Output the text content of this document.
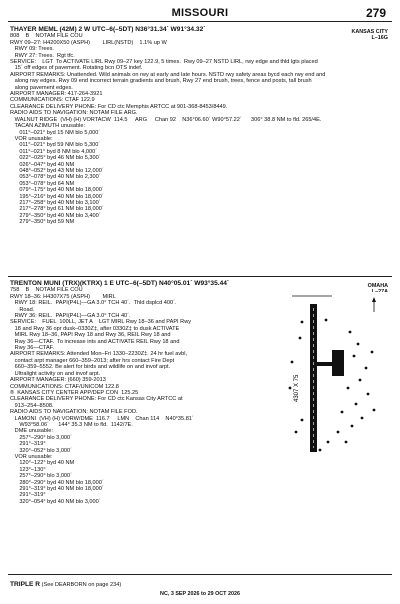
MISSOURI	279
THAYER MEML (42M) 2 W UTC–6(–5DT) N36°31.34´ W91°34.32´
808    B    NOTAM FILE COU
RWY 09–27: H4200X50 (ASPH)        LIRL(NSTD)    1.1% up W
RWY 09: Trees.
RWY 27: Trees.  Rgt tfc.
SERVICE:    LGT  To ACTIVATE LIRL Rwy 09–27 key 122.9, 5 times.  Rwy 09–27 NSTD LIRL, rwy edge and thld lgts placed
15´ off edges of pavement. Rotating bcn OTS indef.
AIRPORT REMARKS: Unattended. Wild animals on rwy at early and late hours. NSTD rwy safety areas bycd each rwy end and
along rwy edges. Rwy 09 end incorrect terrain gradients and brush, Rwy 27 end brush, trees, fence and posts, tall brush
along pavement edges.
AIRPORT MANAGER: 417-264-3921
COMMUNICATIONS: CTAF 122.9
CLEARANCE DELIVERY PHONE: For CD ctc Memphis ARTCC at 901-368-8453/8449.
RADIO AIDS TO NAVIGATION: NOTAM FILE ARG.
WALNUT RIDGE  (VH) (H) VORTACW  114.5     ARG     Chan 92    N36°06.60´ W90°57.22´      306° 38.8 NM to fld. 265/4E.
TACAN AZIMUTH unusable:
011°–021° byd 15 NM blo 5,000´
VOR unusable:
011°–021° byd 59 NM blo 5,300´
011°–021° byd 8 NM blo 4,000´
022°–025° byd 46 NM blo 5,300´
026°–047° byd 40 NM
048°–052° byd 43 NM blo 12,000´
053°–078° byd 40 NM blo 2,300´
053°–078° byd 64 NM
079°–175° byd 40 NM blo 18,000´
195°–216° byd 40 NM blo 18,000´
217°–258° byd 40 NM blo 3,100´
217°–278° byd 61 NM blo 18,000´
279°–350° byd 40 NM blo 3,400´
279°–350° byd 59 NM
KANSAS CITY
L–16G
TRENTON MUNI (TRX)(KTRX) 1 E UTC–6(–5DT) N40°05.01´ W93°35.44´
758    B    NOTAM FILE COU
RWY 18–36: H4307X75 (ASPH)        MIRL
RWY 18: REIL.  PAPI(P4L)—GA 3.0° TCH 40´.  Thld dsplcd 400´.
Road.
RWY 36: REIL.  PAPI(P4L)—GA 3.0° TCH 40´.
SERVICE:    FUEL  100LL, JET A    LGT MIRL Rwy 18–36 and PAPI Rwy
18 and Rwy 36 opr dusk–0330Z‡, after 0330Z‡ to dusk ACTIVATE
MIRL Rwy 18–36, PAPI Rwy 18 and Rwy 36, REIL Rwy 18 and
Rwy 36—CTAF.  To increase ints and ACTIVATE REIL Rwy 18 and
Rwy 36—CTAF.
AIRPORT REMARKS: Attended Mon–Fri 1330–2230Z‡. 24 hr fuel avbl,
contact arpt manager 660–359–2013; after hrs contact Fire Dept
660–359–5552. Be alert for birds and wildlife on and invof arpt.
Ultralight activity on and invof arpt.
AIRPORT MANAGER: (660) 359-2013
COMMUNICATIONS: CTAF/UNICOM 122.8
®  KANSAS CITY CENTER APP/DEP CON  125.25
CLEARANCE DELIVERY PHONE: For CD ctc Kansas City ARTCC at
913–254–8508.
RADIO AIDS TO NAVIGATION: NOTAM FILE FOD.
LAMONI  (VH) (H) VORW/DME  116.7     LMN    Chan 114    N40°35.81´
W93°58.06´      144° 35.3 NM to fld.  1142/7E.
DME unusable:
257°–290° blo 3,000´
291°–319°
320°–052° blo 3,000´
VOR unusable:
120°–122° byd 40 NM
123°–130°
257°–290° blo 3,000´
280°–290° byd 40 NM blo 18,000´
291°–319° byd 40 NM blo 18,000´
291°–319°
320°–054° byd 40 NM blo 3,000´
OMAHA
4307 X 75
TRIPLE R (See DEARBORN on page 234)
NC, 3 SEP 2026 to 29 OCT 2026
